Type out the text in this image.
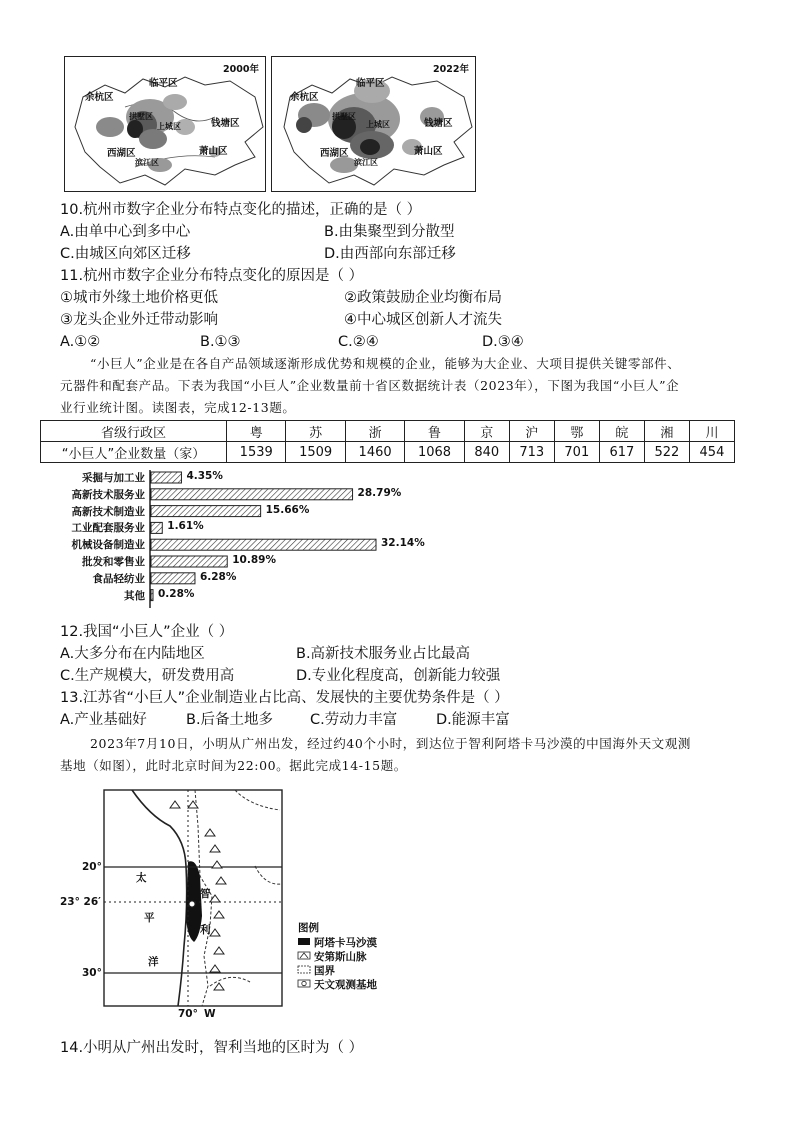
2000年
余杭区
临平区
钱塘区
拱墅区
上城区
西湖区	萧山区
滨江区
2022年
余杭区
临平区
钱塘区
拱墅区
上城区
西湖区	萧山区
滨江区
10.杭州市数字企业分布特点变化的描述，正确的是（ ）
A.由单中心到多中心	B.由集聚型到分散型
C.由城区向郊区迁移	D.由西部向东部迁移
11.杭州市数字企业分布特点变化的原因是（ ）
①城市外缘土地价格更低	②政策鼓励企业均衡布局
③龙头企业外迁带动影响	④中心城区创新人才流失
A.①②	B.①③	C.②④	D.③④
“小巨人”企业是在各自产品领域逐渐形成优势和规模的企业，能够为大企业、大项目提供关键零部件、
元器件和配套产品。下表为我国“小巨人”企业数量前十省区数据统计表（2023年），下图为我国“小巨人”企
业行业统计图。读图表，完成12-13题。
省级行政区	粤	苏	浙	鲁	京	沪	鄂	皖	湘	川
“小巨人”企业数量（家）	1539	1509	1460	1068	840	713	701	617	522	454
采掘与加工业	4.35%
高新技术服务业	28.79%
高新技术制造业	15.66%
工业配套服务业 1.61%
机械设备制造业	32.14%
批发和零售业	10.89%
食品轻纺业	6.28%
其他 0.28%
12.我国“小巨人”企业（ ）
A.大多分布在内陆地区	B.高新技术服务业占比最高
C.生产规模大，研发费用高	D.专业化程度高，创新能力较强
13.江苏省“小巨人”企业制造业占比高、发展快的主要优势条件是（ ）
A.产业基础好	B.后备土地多	C.劳动力丰富	D.能源丰富
2023年7月10日，小明从广州出发，经过约40个小时，到达位于智利阿塔卡马沙漠的中国海外天文观测
基地（如图），此时北京时间为22:00。据此完成14-15题。
20°
23° 26′
30°
70° W
太
平
洋
智
利	图例
阿塔卡马沙漠
安第斯山脉
国界
天文观测基地
14.小明从广州出发时，智利当地的区时为（ ）
